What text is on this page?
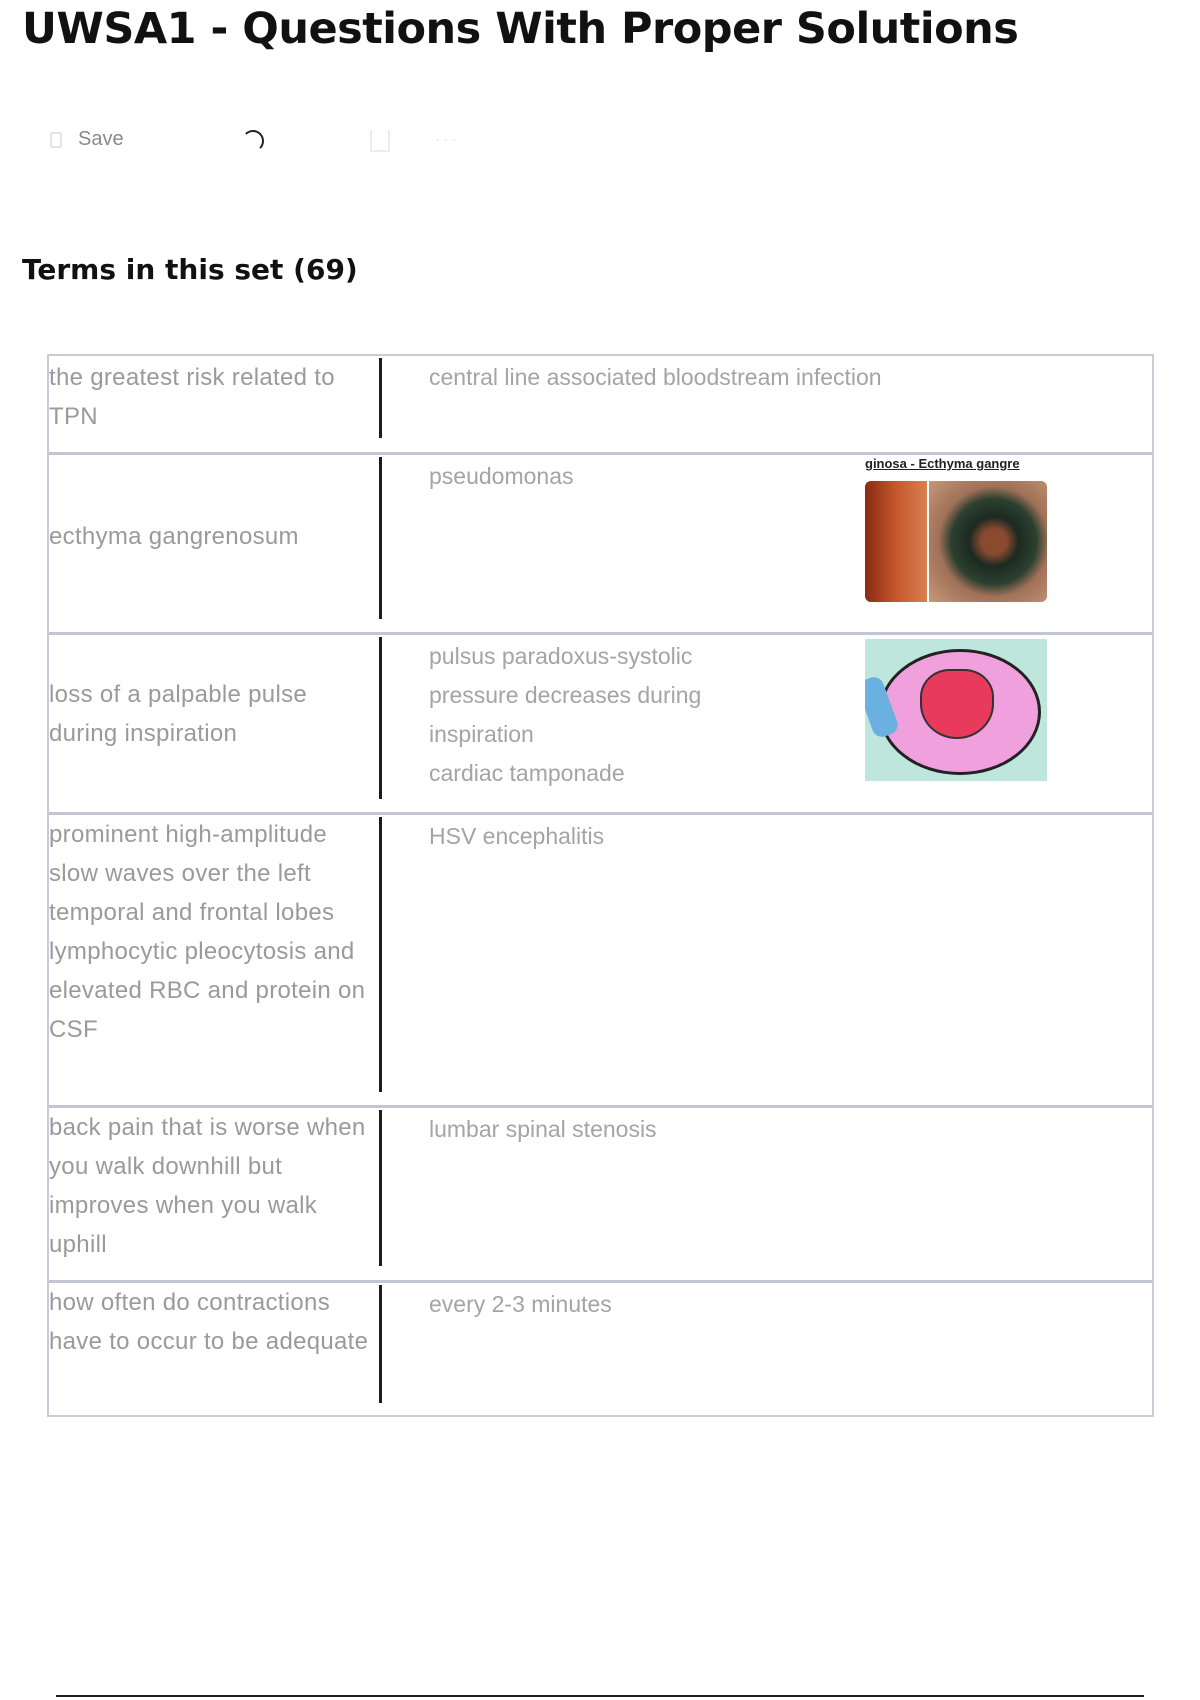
UWSA1 - Questions With Proper Solutions
Save	···
Terms in this set (69)
the greatest risk related to TPN
central line associated bloodstream infection
ecthyma gangrenosum
pseudomonas	ginosa - Ecthyma gangre
loss of a palpable pulse during inspiration
pulsus paradoxus-systolic pressure decreases during inspiration
cardiac tamponade
prominent high-amplitude slow waves over the left temporal and frontal lobes lymphocytic pleocytosis and elevated RBC and protein on CSF
HSV encephalitis
back pain that is worse when you walk downhill but improves when you walk uphill
lumbar spinal stenosis
how often do contractions have to occur to be adequate
every 2-3 minutes
